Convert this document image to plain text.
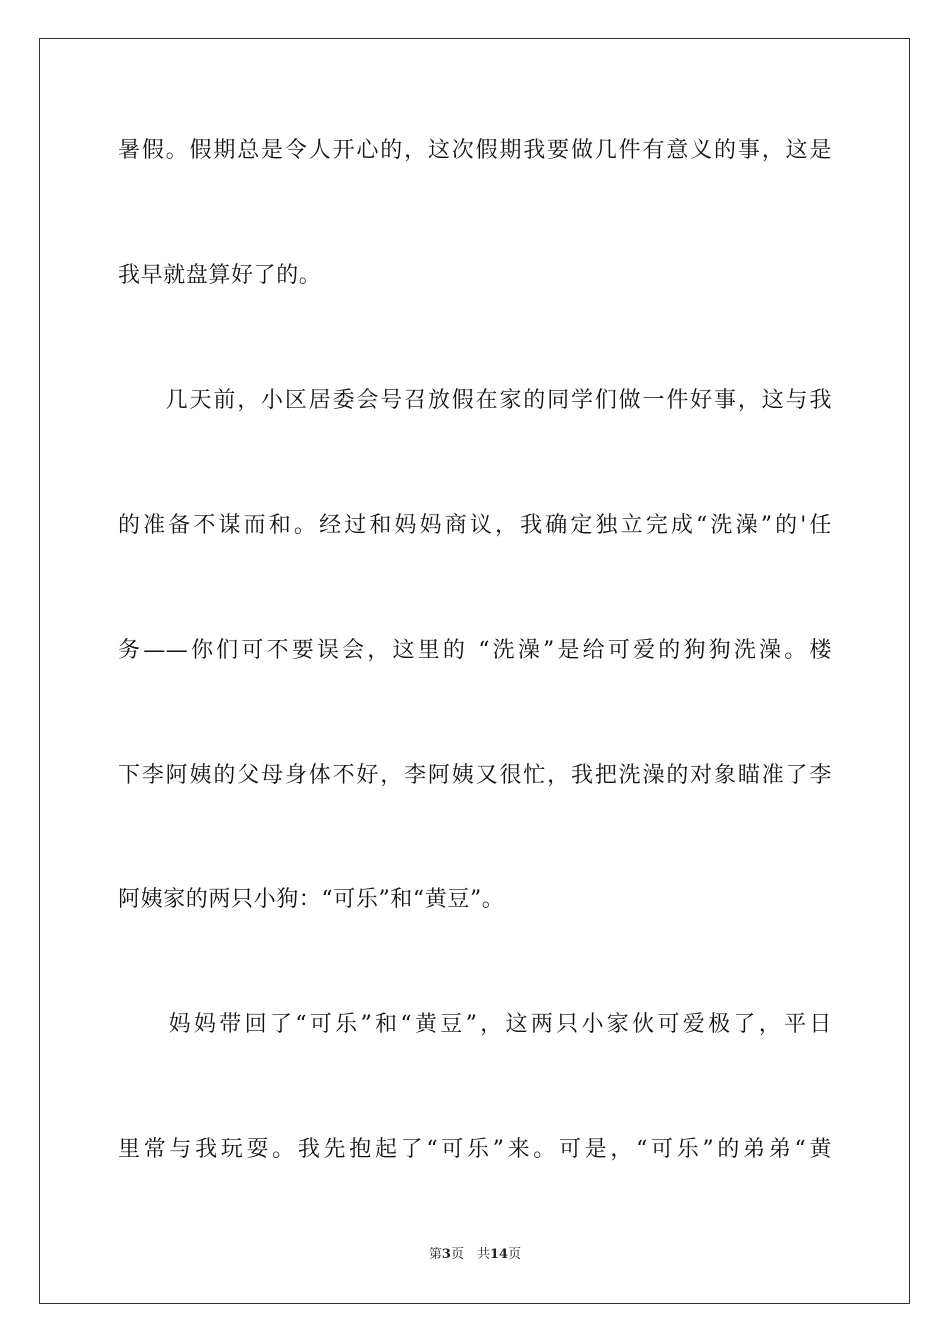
暑假。假期总是令人开心的，这次假期我要做几件有意义的事，这是
我早就盘算好了的。
　　几天前，小区居委会号召放假在家的同学们做一件好事，这与我
的准备不谋而和。经过和妈妈商议，我确定独立完成“洗澡”的'任
务——你们可不要误会，这里的 “洗澡”是给可爱的狗狗洗澡。楼
下李阿姨的父母身体不好，李阿姨又很忙，我把洗澡的对象瞄准了李
阿姨家的两只小狗：“可乐”和“黄豆”。
　　妈妈带回了“可乐”和“黄豆”，这两只小家伙可爱极了，平日
里常与我玩耍。我先抱起了“可乐”来。可是，“可乐”的弟弟“黄
第3页　共14页
